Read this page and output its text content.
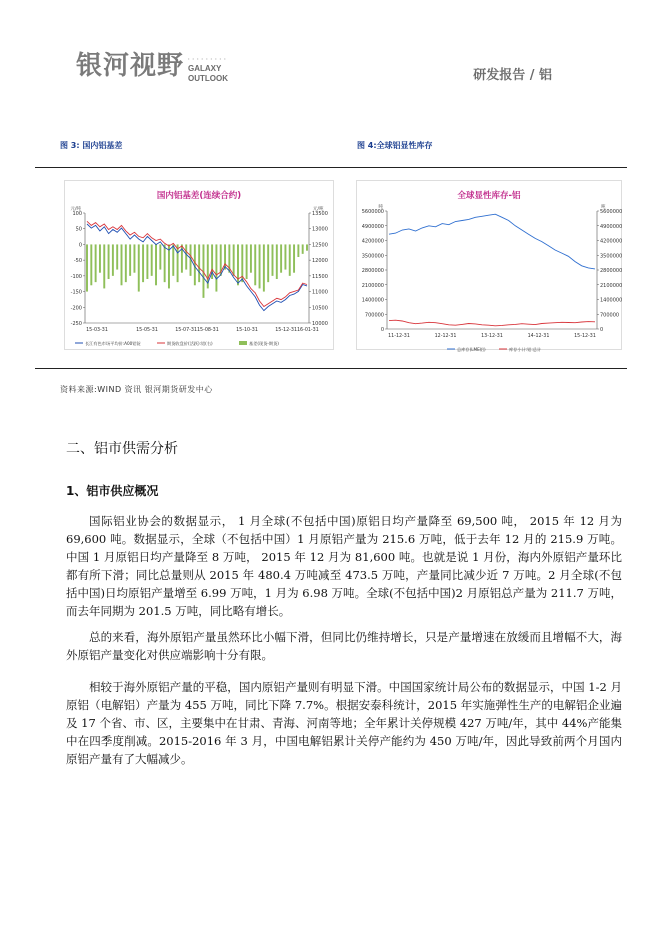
银河视野 • • • • • • • • •
GALAXY
OUTLOOK	研发报告 / 铝
图 3: 国内铝基差	图 4:全球铝显性库存
国内铝基差(连续合约)
元/吨	元/吨
100
50
0
-50
-100
-150
-200
-250
13500
13000
12500
12000
11500
11000
10500
10000
15-03-31	15-05-31	15-07-3115-08-31	15-10-31	15-12-3116-01-31
长江有色市场平均价:A00铝锭	期货收盘价(活跃):铝(右)	基差(现货-期货)
全球显性库存-铝
吨	吨
5600000
4900000
4200000
3500000
2800000
2100000
1400000
700000
0
5600000
4900000
4200000
3500000
2800000
2100000
1400000
700000
0
11-12-31	12-12-31	13-12-31	14-12-31	15-12-31
总库存(LME铝)	库存小计:铝:总计
资料来源:WIND 资讯 银河期货研发中心
二、铝市供需分析
1、铝市供应概况
国际铝业协会的数据显示， 1 月全球(不包括中国)原铝日均产量降至 69,500 吨， 2015 年 12 月为 69,600 吨。数据显示，全球（不包括中国）1 月原铝产量为 215.6 万吨，低于去年 12 月的 215.9 万吨。中国 1 月原铝日均产量降至 8 万吨， 2015 年 12 月为 81,600 吨。也就是说 1 月份，海内外原铝产量环比都有所下滑；同比总量则从 2015 年 480.4 万吨减至 473.5 万吨，产量同比减少近 7 万吨。2 月全球(不包括中国)日均原铝产量增至 6.99 万吨，1 月为 6.98 万吨。全球(不包括中国)2 月原铝总产量为 211.7 万吨，而去年同期为 201.5 万吨，同比略有增长。
总的来看，海外原铝产量虽然环比小幅下滑，但同比仍维持增长，只是产量增速在放缓而且增幅不大，海外原铝产量变化对供应端影响十分有限。
相较于海外原铝产量的平稳，国内原铝产量则有明显下滑。中国国家统计局公布的数据显示，中国 1-2 月原铝（电解铝）产量为 455 万吨，同比下降 7.7%。根据安泰科统计，2015 年实施弹性生产的电解铝企业遍及 17 个省、市、区，主要集中在甘肃、青海、河南等地；全年累计关停规模 427 万吨/年，其中 44%产能集中在四季度削减。2015-2016 年 3 月，中国电解铝累计关停产能约为 450 万吨/年，因此导致前两个月国内原铝产量有了大幅减少。
